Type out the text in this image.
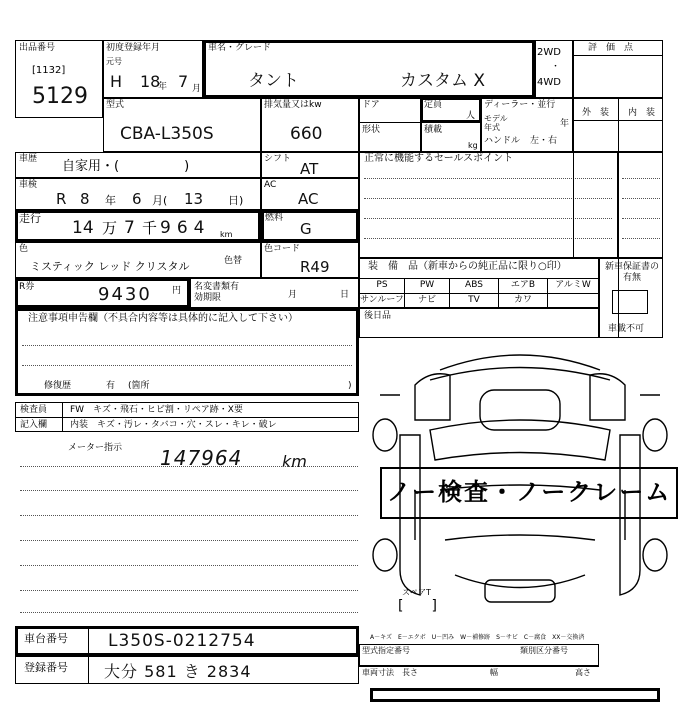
出品番号
[1132]
5129
初度登録年月
元号
H 18
年 7 月
車名・グレード
タント	カスタム X
2WD
・
4WD
評　価　点
型式
CBA-L350S
排気量又はkw
660
ドア
形状
定員
人
積載
kg
ディーラー・並行
モデル年式	年
ハンドル 左・右
外　装 内　装
車歴 自家用・(　　　　　)	シフト
AT
車検
R 8 年 6 月( 13 日)
AC
AC
走行 14 万 7 千 964 km
燃料
G
色
ミスティック レッド クリスタル	色替
色コード
R49
R券	9430 円 名変書類有効期限	月	日
正常に機能するセールスポイント
装　備　品（新車からの純正品に限り○印）
PS	PW	ABS	エアB	アルミW
サンルーフ	ナビ	TV	カワ
新車保証書の有無
車載不可
後日品
注意事項申告欄（不具合内容等は具体的に記入して下さい）
修復歴	有 (箇所	)
検査員
記入欄
FW　キズ・飛石・ヒビ割・リペア跡・X要
内装　キズ・汚レ・タバコ・穴・スレ・キレ・破レ
メーター指示 147964 km
ノー検査・ノークレーム
スペアT
[　　]
車台番号 L350S-0212754
登録番号 大分 581 き 2834
A－キズ　E－エクボ　U－凹み　W－補修跡　S－サビ　C－腐食　XX－交換済
型式指定番号	類別区分番号
車両寸法 長さ	幅	高さ
